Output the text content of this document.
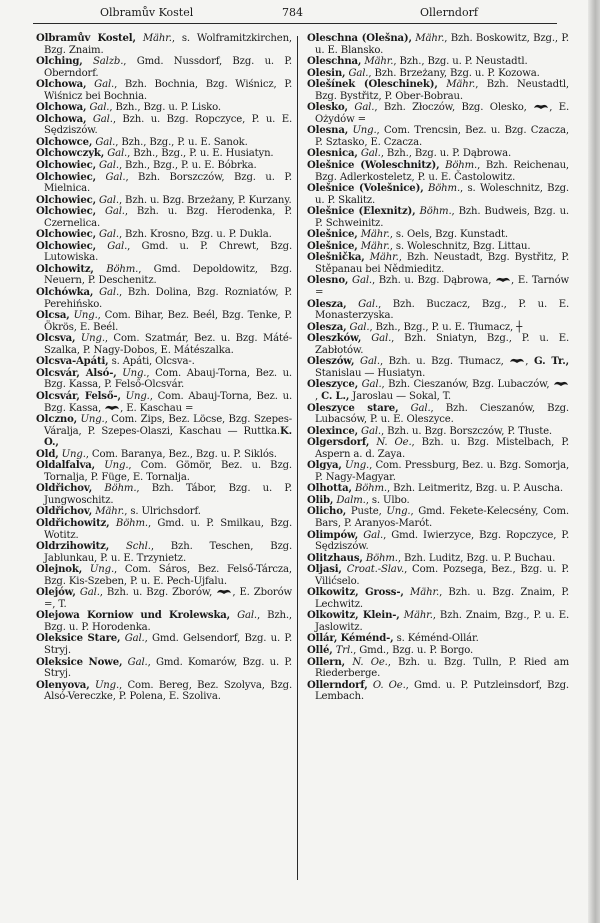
Olbramův Kostel	784	Ollerndorf

Olbramův Kostel, Mähr., s. Wolframitzkirchen, Bzg. Znaim.

Olching, Salzb., Gmd. Nussdorf, Bzg. u. P. Oberndorf.

Olchowa, Gal., Bzh. Bochnia, Bzg. Wiśnicz, P. Wiśnicz bei Bochnia.

Olchowa, Gal., Bzh., Bzg. u. P. Lisko.

Olchowa, Gal., Bzh. u. Bzg. Ropczyce, P. u. E. Sędziszów.

Olchowce, Gal., Bzh., Bzg., P. u. E. Sanok.

Olchowczyk, Gal., Bzh., Bzg., P. u. E. Husiatyn.

Olchowiec, Gal., Bzh., Bzg., P. u. E. Bóbrka.

Olchowiec, Gal., Bzh. Borszczów, Bzg. u. P. Mielnica.

Olchowiec, Gal., Bzh. u. Bzg. Brzeżany, P. Kurzany.

Olchowiec, Gal., Bzh. u. Bzg. Herodenka, P. Czernelica.

Olchowiec, Gal., Bzh. Krosno, Bzg. u. P. Dukla.

Olchowiec, Gal., Gmd. u. P. Chrewt, Bzg. Lutowiska.

Olchowitz, Böhm., Gmd. Depoldowitz, Bzg. Neuern, P. Deschenitz.

Olchówka, Gal., Bzh. Dolina, Bzg. Rozniatów, P. Perehińsko.

Olcsa, Ung., Com. Bihar, Bez. Beél, Bzg. Tenke, P. Ökrös, E. Beél.

Olcsva, Ung., Com. Szatmár, Bez. u. Bzg. Máté-Szalka, P. Nagy-Dobos, E. Mátészalka.

Olcsva-Apáti, s. Apáti, Olcsva-.

Olcsvár, Alsó-, Ung., Com. Abauj-Torna, Bez. u. Bzg. Kassa, P. Felső-Olcsvár.

Olcsvár, Felső-, Ung., Com. Abauj-Torna, Bez. u. Bzg. Kassa,
, E. Kaschau =

Olczno, Ung., Com. Zips, Bez. Löcse, Bzg. Szepes-Váralja, P. Szepes-Olaszi, Kaschau — Ruttka.K. O.,

Old, Ung., Com. Baranya, Bez., Bzg. u. P. Siklós.

Oldalfalva, Ung., Com. Gömör, Bez. u. Bzg. Tornalja, P. Füge, E. Tornalja.

Oldřichov, Böhm., Bzh. Tábor, Bzg. u. P. Jungwoschitz.

Oldřichov, Mähr., s. Ulrichsdorf.

Oldřichowitz, Böhm., Gmd. u. P. Smilkau, Bzg. Wotitz.

Oldrzihowitz, Schl., Bzh. Teschen, Bzg. Jablunkau, P. u. E. Trzynietz.

Olejnok, Ung., Com. Sáros, Bez. Felső-Tárcza, Bzg. Kis-Szeben, P. u. E. Pech-Ujfalu.

Olejów, Gal., Bzh. u. Bzg. Zborów,
, E. Zborów =, T.

Olejowa Korniow und Krolewska, Gal., Bzh., Bzg. u. P. Horodenka.

Oleksice Stare, Gal., Gmd. Gelsendorf, Bzg. u. P. Stryj.

Oleksice Nowe, Gal., Gmd. Komarów, Bzg. u. P. Stryj.

Olenyova, Ung., Com. Bereg, Bez. Szolyva, Bzg. Alsó-Vereczke, P. Polena, E. Szoliva.

Oleschna (Olešna), Mähr., Bzh. Boskowitz, Bzg., P. u. E. Blansko.

Oleschna, Mähr., Bzh., Bzg. u. P. Neustadtl.

Olesin, Gal., Bzh. Brzeżany, Bzg. u. P. Kozowa.

Olešínek (Oleschinek), Mähr., Bzh. Neustadtl, Bzg. Bystřitz, P. Ober-Bobrau.

Olesko, Gal., Bzh. Złoczów, Bzg. Olesko,
, E. Ożydów =

Olesna, Ung., Com. Trencsin, Bez. u. Bzg. Czacza, P. Sztasko, E. Czacza.

Olesnica, Gal., Bzh., Bzg. u. P. Dąbrowa.

Olešnice (Woleschnitz), Böhm., Bzh. Reichenau, Bzg. Adlerkosteletz, P. u. E. Častolowitz.

Olešnice (Volešnice), Böhm., s. Woleschnitz, Bzg. u. P. Skalitz.

Olešnice (Elexnitz), Böhm., Bzh. Budweis, Bzg. u. P. Schweinitz.

Olešnice, Mähr., s. Oels, Bzg. Kunstadt.

Olešnice, Mähr., s. Woleschnitz, Bzg. Littau.

Olešnička, Mähr., Bzh. Neustadt, Bzg. Bystřitz, P. Stěpanau bei Nědmieditz.

Olesno, Gal., Bzh. u. Bzg. Dąbrowa,
, E. Tarnów =

Olesza, Gal., Bzh. Buczacz, Bzg., P. u. E. Monasterzyska.

Olesza, Gal., Bzh., Bzg., P. u. E. Tłumacz, ┼

Oleszków, Gal., Bzh. Sniatyn, Bzg., P. u. E. Zabłotów.

Oleszów, Gal., Bzh. u. Bzg. Tłumacz,
, G. Tr., Stanislau — Husiatyn.

Oleszyce, Gal., Bzh. Cieszanów, Bzg. Lubaczów,
, C. L., Jaroslau — Sokal, T.

Oleszyce stare, Gal., Bzh. Cieszanów, Bzg. Lubacsów, P. u. E. Oleszyce.

Olexince, Gal., Bzh. u. Bzg. Borszczów, P. Tłuste.

Olgersdorf, N. Oe., Bzh. u. Bzg. Mistelbach, P. Aspern a. d. Zaya.

Olgya, Ung., Com. Pressburg, Bez. u. Bzg. Somorja, P. Nagy-Magyar.

Olhotta, Böhm., Bzh. Leitmeritz, Bzg. u. P. Auscha.

Olib, Dalm., s. Ulbo.

Olicho, Puste, Ung., Gmd. Fekete-Kelecsény, Com. Bars, P. Aranyos-Marót.

Olimpów, Gal., Gmd. Iwierzyce, Bzg. Ropczyce, P. Sędziszów.

Olitzhaus, Böhm., Bzh. Luditz, Bzg. u. P. Buchau.

Oljasi, Croat.-Slav., Com. Pozsega, Bez., Bzg. u. P. Vilićselo.

Olkowitz, Gross-, Mähr., Bzh. u. Bzg. Znaim, P. Lechwitz.

Olkowitz, Klein-, Mähr., Bzh. Znaim, Bzg., P. u. E. Jaslowitz.

Ollár, Kéménd-, s. Kéménd-Ollár.

Ollé, Trl., Gmd., Bzg. u. P. Borgo.

Ollern, N. Oe., Bzh. u. Bzg. Tulln, P. Ried am Riederberge.

Ollerndorf, O. Oe., Gmd. u. P. Putzleinsdorf, Bzg. Lembach.
